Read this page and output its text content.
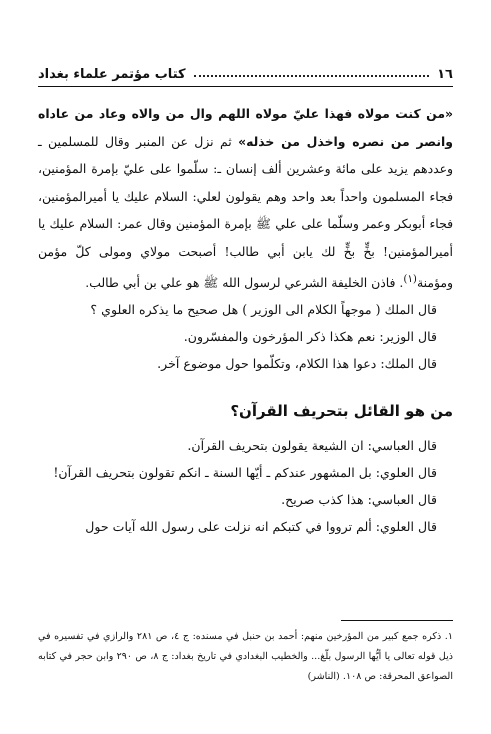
١٦
كتاب مؤتمر علماء بغداد

«من كنت مولاه فهذا عليّ مولاه اللهم وال من والاه وعاد من عاداه وانصر من نصره واخذل من خذله» ثم نزل عن المنبر وقال للمسلمين ـ وعددهم يزيد على مائة وعشرين ألف إنسان ـ: سلّموا على عليّ بإمرة المؤمنين، فجاء المسلمون واحداً بعد واحد وهم يقولون لعلي: السلام عليك يا أميرالمؤمنين، فجاء أبوبكر وعمر وسلّما على علي ﷺ بإمرة المؤمنين وقال عمر: السلام عليك يا أميرالمؤمنين! بخٍّ بخٍّ لك يابن أبي طالب! أصبحت مولاي ومولى كلّ مؤمن ومؤمنة$^{(١)}$. فاذن الخليفة الشرعي لرسول الله ﷺ هو علي بن أبي طالب.

قال الملك ( موجهاً الكلام الى الوزير ) هل صحيح ما يذكره العلوي ؟

قال الوزير: نعم هكذا ذكر المؤرخون والمفسّرون.

قال الملك: دعوا هذا الكلام، وتكلّموا حول موضوع آخر.

من هو القائل بتحريف القرآن؟

قال العباسي: ان الشيعة يقولون بتحريف القرآن.

قال العلوي: بل المشهور عندكم ـ أيّها السنة ـ انكم تقولون بتحريف القرآن!

قال العباسي: هذا كذب صريح.

قال العلوي: ألم ترووا في كتبكم انه نزلت على رسول الله آيات حول

١. ذكره جمع كبير من المؤرخين منهم: أحمد بن حنبل في مسنده: ج ٤، ص ٢٨١ والرازي في تفسيره في ذيل قوله تعالى يا أيُّها الرسول بلّغ... والخطيب البغدادي في تاريخ بغداد: ج ٨، ص ٢٩٠ وابن حجر في كتابه الصواعق المحرقة: ص ١٠٨. (الناشر)
